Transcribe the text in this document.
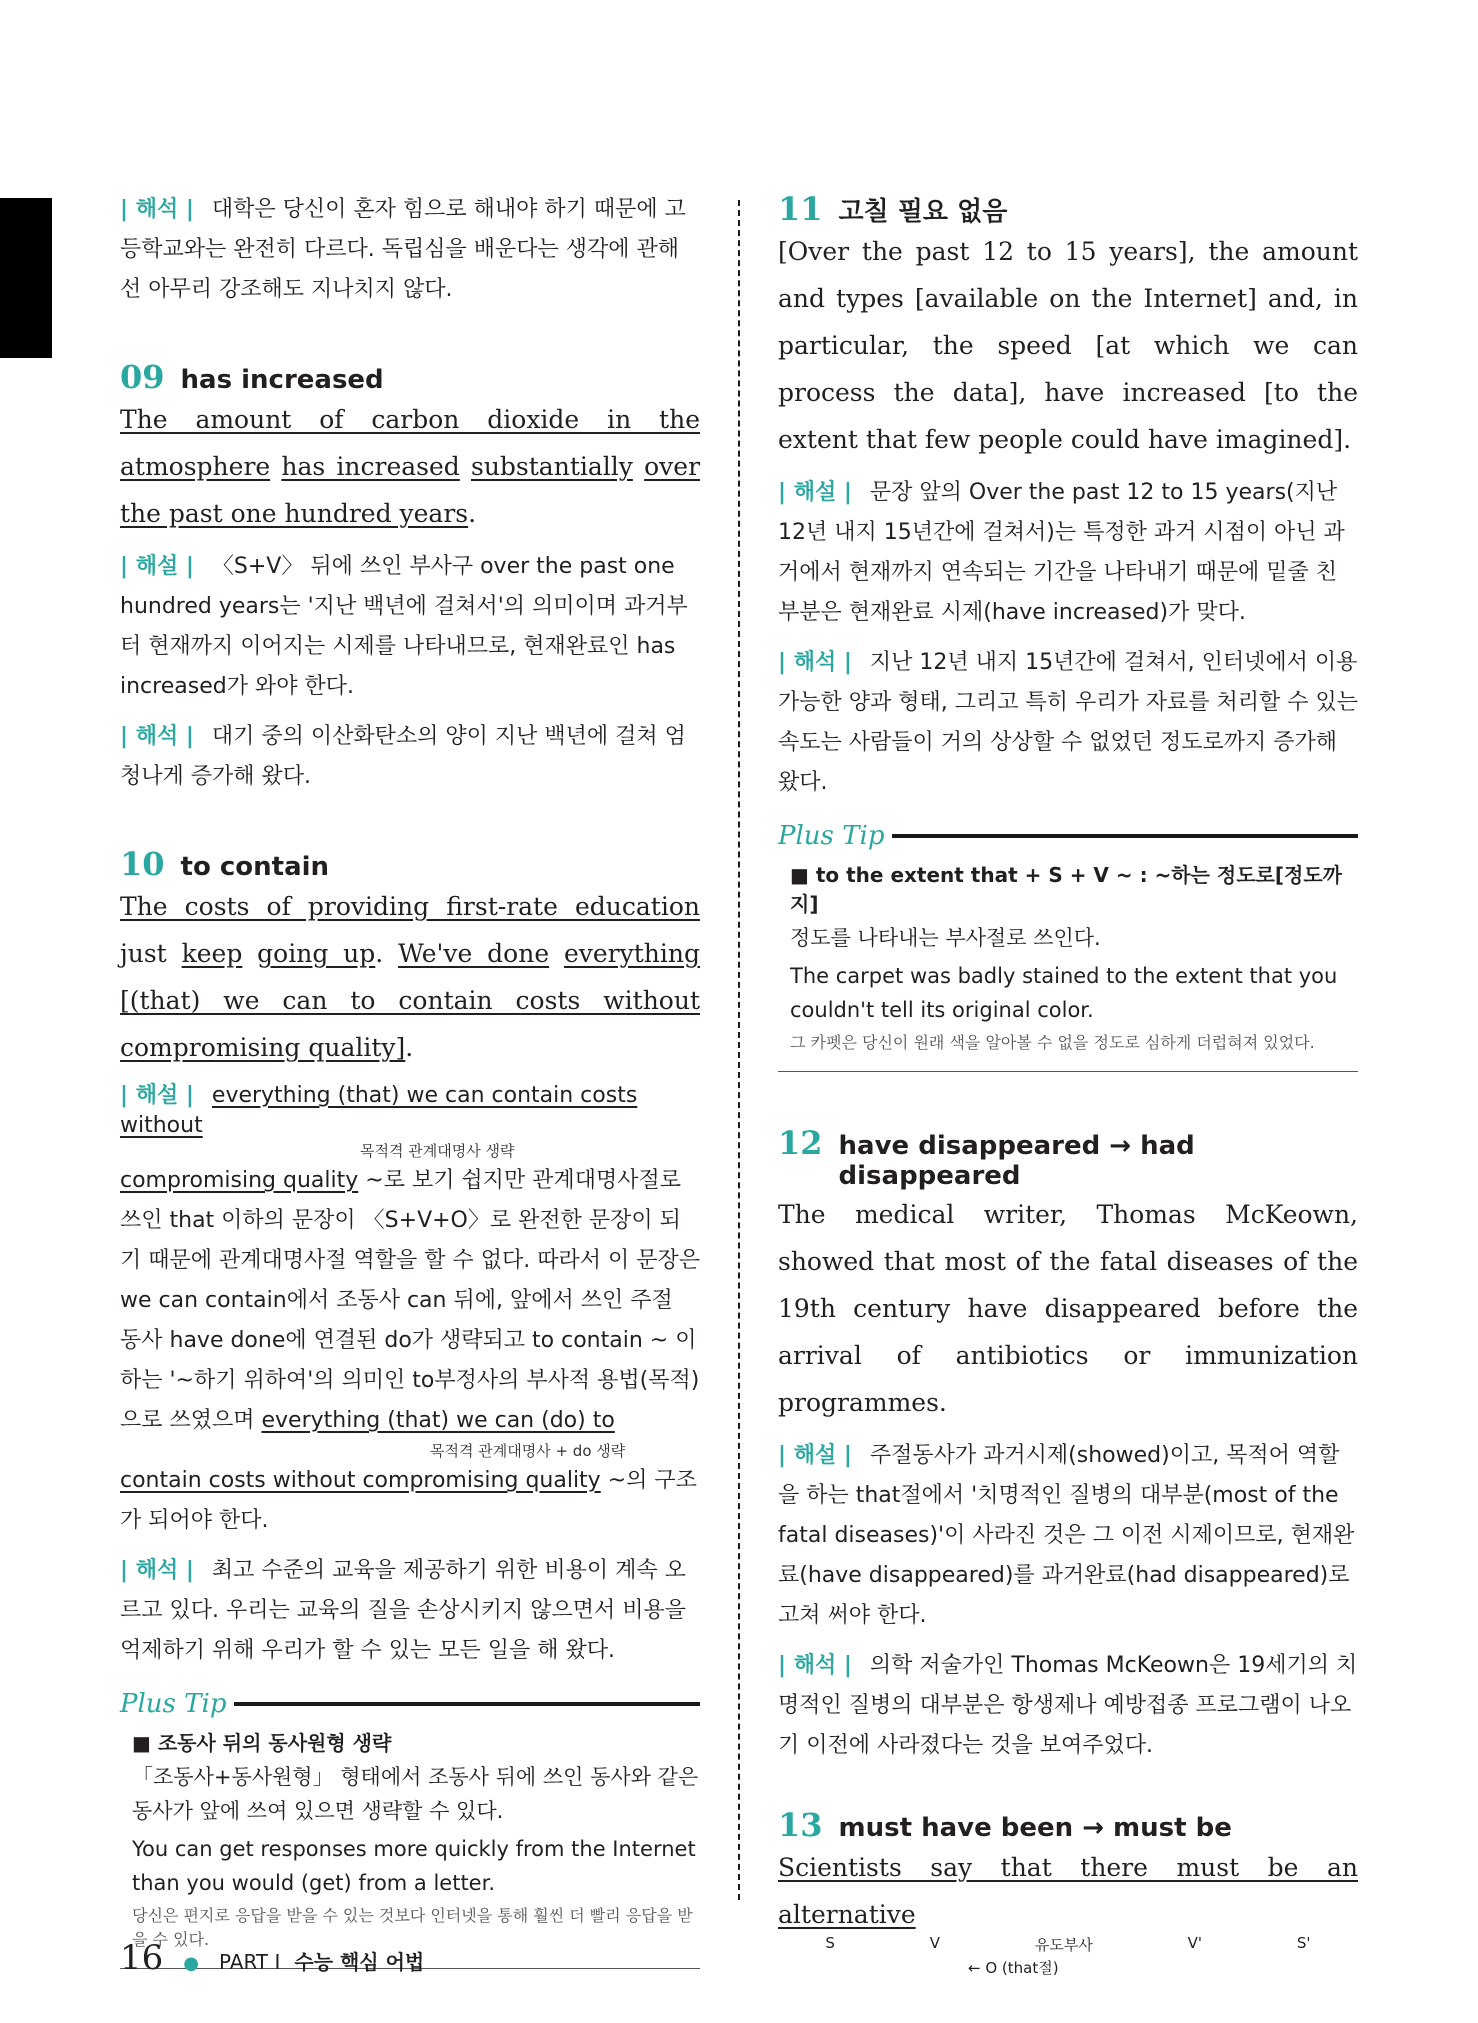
| 해석 | 대학은 당신이 혼자 힘으로 해내야 하기 때문에 고등학교와는 완전히 다르다. 독립심을 배운다는 생각에 관해선 아무리 강조해도 지나치지 않다.

09 has increased

The amount of carbon dioxide in the atmosphere has increased substantially over the past one hundred years.

| 해설 | 〈S+V〉 뒤에 쓰인 부사구 over the past one hundred years는 '지난 백년에 걸쳐서'의 의미이며 과거부터 현재까지 이어지는 시제를 나타내므로, 현재완료인 has increased가 와야 한다.

| 해석 | 대기 중의 이산화탄소의 양이 지난 백년에 걸쳐 엄청나게 증가해 왔다.

10 to contain

The costs of providing first-rate education just keep going up. We've done everything [(that) we can to contain costs without compromising quality].

| 해설 | everything (that) we can contain costs without

목적격 관계대명사 생략

compromising quality ~로 보기 쉽지만 관계대명사절로 쓰인 that 이하의 문장이 〈S+V+O〉로 완전한 문장이 되기 때문에 관계대명사절 역할을 할 수 없다. 따라서 이 문장은 we can contain에서 조동사 can 뒤에, 앞에서 쓰인 주절 동사 have done에 연결된 do가 생략되고 to contain ~ 이하는 '~하기 위하여'의 의미인 to부정사의 부사적 용법(목적)으로 쓰였으며 everything (that) we can (do) to

목적격 관계대명사 + do 생략

contain costs without compromising quality ~의 구조가 되어야 한다.

| 해석 | 최고 수준의 교육을 제공하기 위한 비용이 계속 오르고 있다. 우리는 교육의 질을 손상시키지 않으면서 비용을 억제하기 위해 우리가 할 수 있는 모든 일을 해 왔다.

Plus Tip

■ 조동사 뒤의 동사원형 생략

「조동사+동사원형」 형태에서 조동사 뒤에 쓰인 동사와 같은 동사가 앞에 쓰여 있으면 생략할 수 있다.

You can get responses more quickly from the Internet than you would (get) from a letter.

당신은 편지로 응답을 받을 수 있는 것보다 인터넷을 통해 훨씬 더 빨리 응답을 받을 수 있다.

11 고칠 필요 없음

[Over the past 12 to 15 years], the amount and types [available on the Internet] and, in particular, the speed [at which we can process the data], have increased [to the extent that few people could have imagined].

| 해설 | 문장 앞의 Over the past 12 to 15 years(지난 12년 내지 15년간에 걸쳐서)는 특정한 과거 시점이 아닌 과거에서 현재까지 연속되는 기간을 나타내기 때문에 밑줄 친 부분은 현재완료 시제(have increased)가 맞다.

| 해석 | 지난 12년 내지 15년간에 걸쳐서, 인터넷에서 이용 가능한 양과 형태, 그리고 특히 우리가 자료를 처리할 수 있는 속도는 사람들이 거의 상상할 수 없었던 정도로까지 증가해 왔다.

Plus Tip

■ to the extent that + S + V ~ : ~하는 정도로[정도까지]

정도를 나타내는 부사절로 쓰인다.

The carpet was badly stained to the extent that you couldn't tell its original color.

그 카펫은 당신이 원래 색을 알아볼 수 없을 정도로 심하게 더럽혀져 있었다.

12 have disappeared → had disappeared

The medical writer, Thomas McKeown, showed that most of the fatal diseases of the 19th century have disappeared before the arrival of antibiotics or immunization programmes.

| 해설 | 주절동사가 과거시제(showed)이고, 목적어 역할을 하는 that절에서 '치명적인 질병의 대부분(most of the fatal diseases)'이 사라진 것은 그 이전 시제이므로, 현재완료(have disappeared)를 과거완료(had disappeared)로 고쳐 써야 한다.

| 해석 | 의학 저술가인 Thomas McKeown은 19세기의 치명적인 질병의 대부분은 항생제나 예방접종 프로그램이 나오기 이전에 사라졌다는 것을 보여주었다.

13 must have been → must be

Scientists say that there must be an alternative

S	V	유도부사	V'	S'

← O (that절)

16 ● PART I 수능 핵심 어법
